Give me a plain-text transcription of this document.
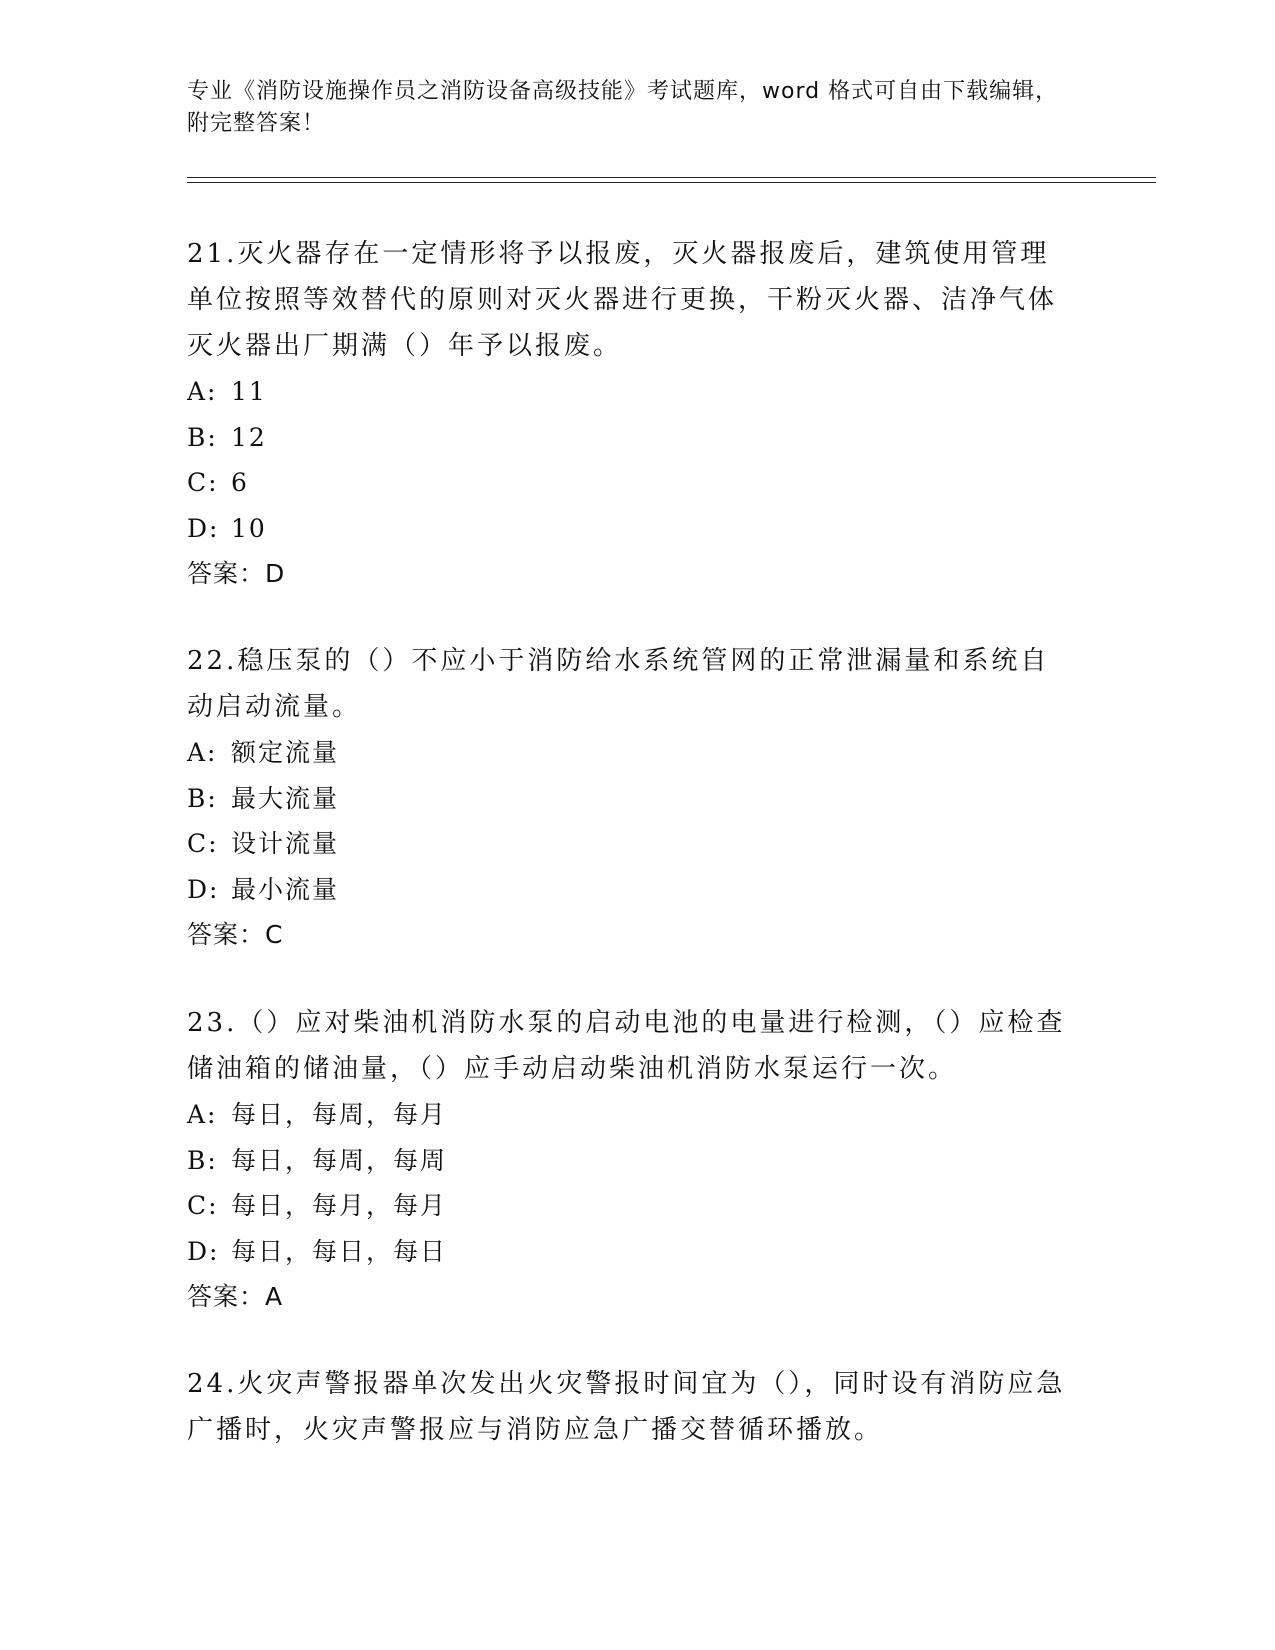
专业《消防设施操作员之消防设备高级技能》考试题库，word 格式可自由下载编辑，附完整答案！

21.灭火器存在一定情形将予以报废，灭火器报废后，建筑使用管理单位按照等效替代的原则对灭火器进行更换，干粉灭火器、洁净气体灭火器出厂期满（）年予以报废。

A: 11
B: 12
C: 6
D: 10
答案：D

22.稳压泵的（）不应小于消防给水系统管网的正常泄漏量和系统自动启动流量。

A: 额定流量
B: 最大流量
C: 设计流量
D: 最小流量
答案：C

23.（）应对柴油机消防水泵的启动电池的电量进行检测，（）应检查储油箱的储油量，（）应手动启动柴油机消防水泵运行一次。

A: 每日，每周，每月
B: 每日，每周，每周
C: 每日，每月，每月
D: 每日，每日，每日
答案：A

24.火灾声警报器单次发出火灾警报时间宜为（），同时设有消防应急广播时，火灾声警报应与消防应急广播交替循环播放。
